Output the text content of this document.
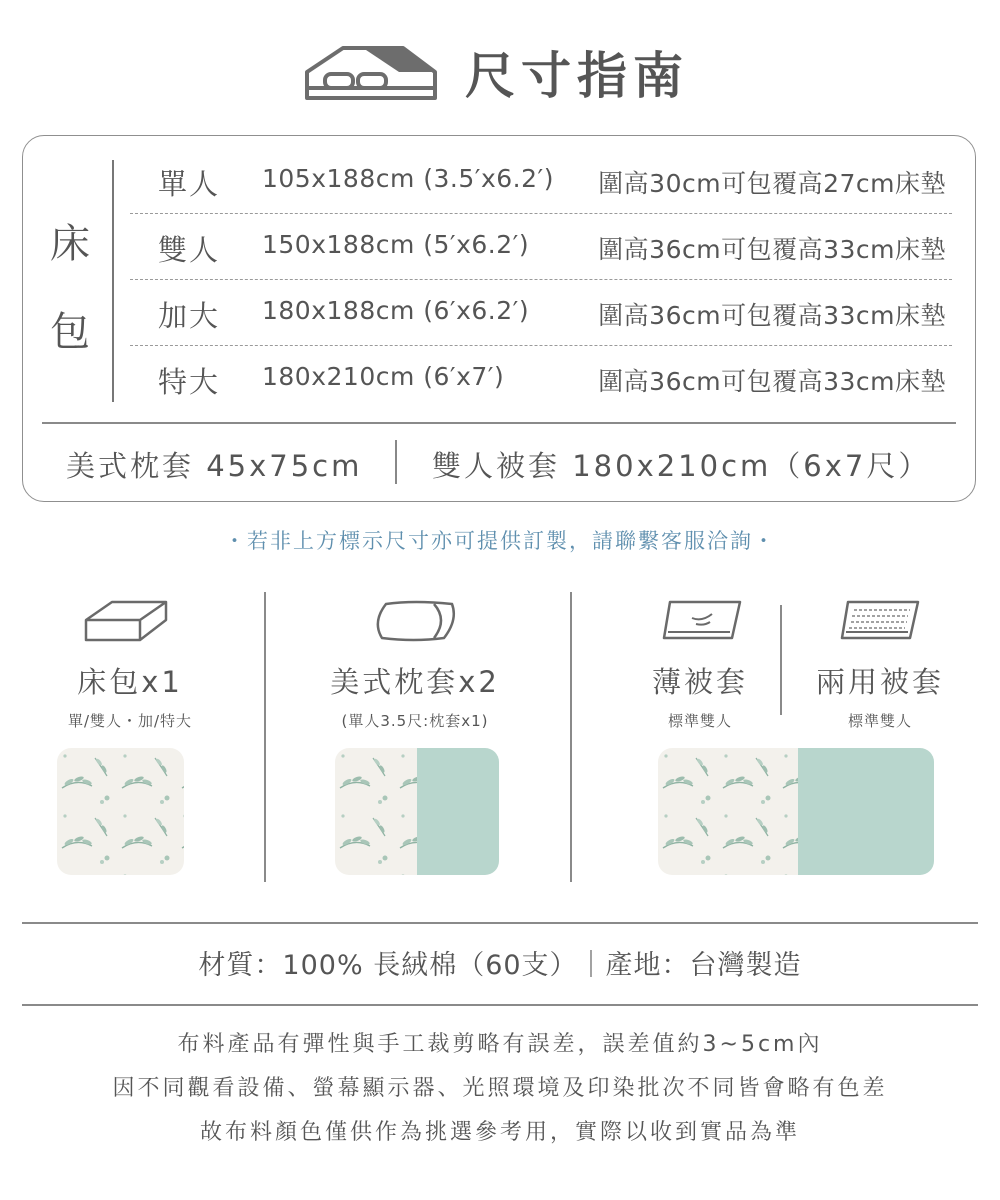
尺寸指南
床
包
單人 105x188cm (3.5′x6.2′) 圍高30cm可包覆高27cm床墊
雙人 150x188cm (5′x6.2′)	圍高36cm可包覆高33cm床墊
加大 180x188cm (6′x6.2′)	圍高36cm可包覆高33cm床墊
特大 180x210cm (6′x7′)	圍高36cm可包覆高33cm床墊
美式枕套 45x75cm 雙人被套 180x210cm（6x7尺）
・若非上方標示尺寸亦可提供訂製，請聯繫客服洽詢・
床包x1
單/雙人・加/特大
美式枕套x2
(單人3.5尺:枕套x1)
薄被套
標準雙人
兩用被套
標準雙人
材質：100% 長絨棉（60支）｜產地：台灣製造
布料產品有彈性與手工裁剪略有誤差，誤差值約3~5cm內
因不同觀看設備、螢幕顯示器、光照環境及印染批次不同皆會略有色差
故布料顏色僅供作為挑選參考用，實際以收到實品為準
